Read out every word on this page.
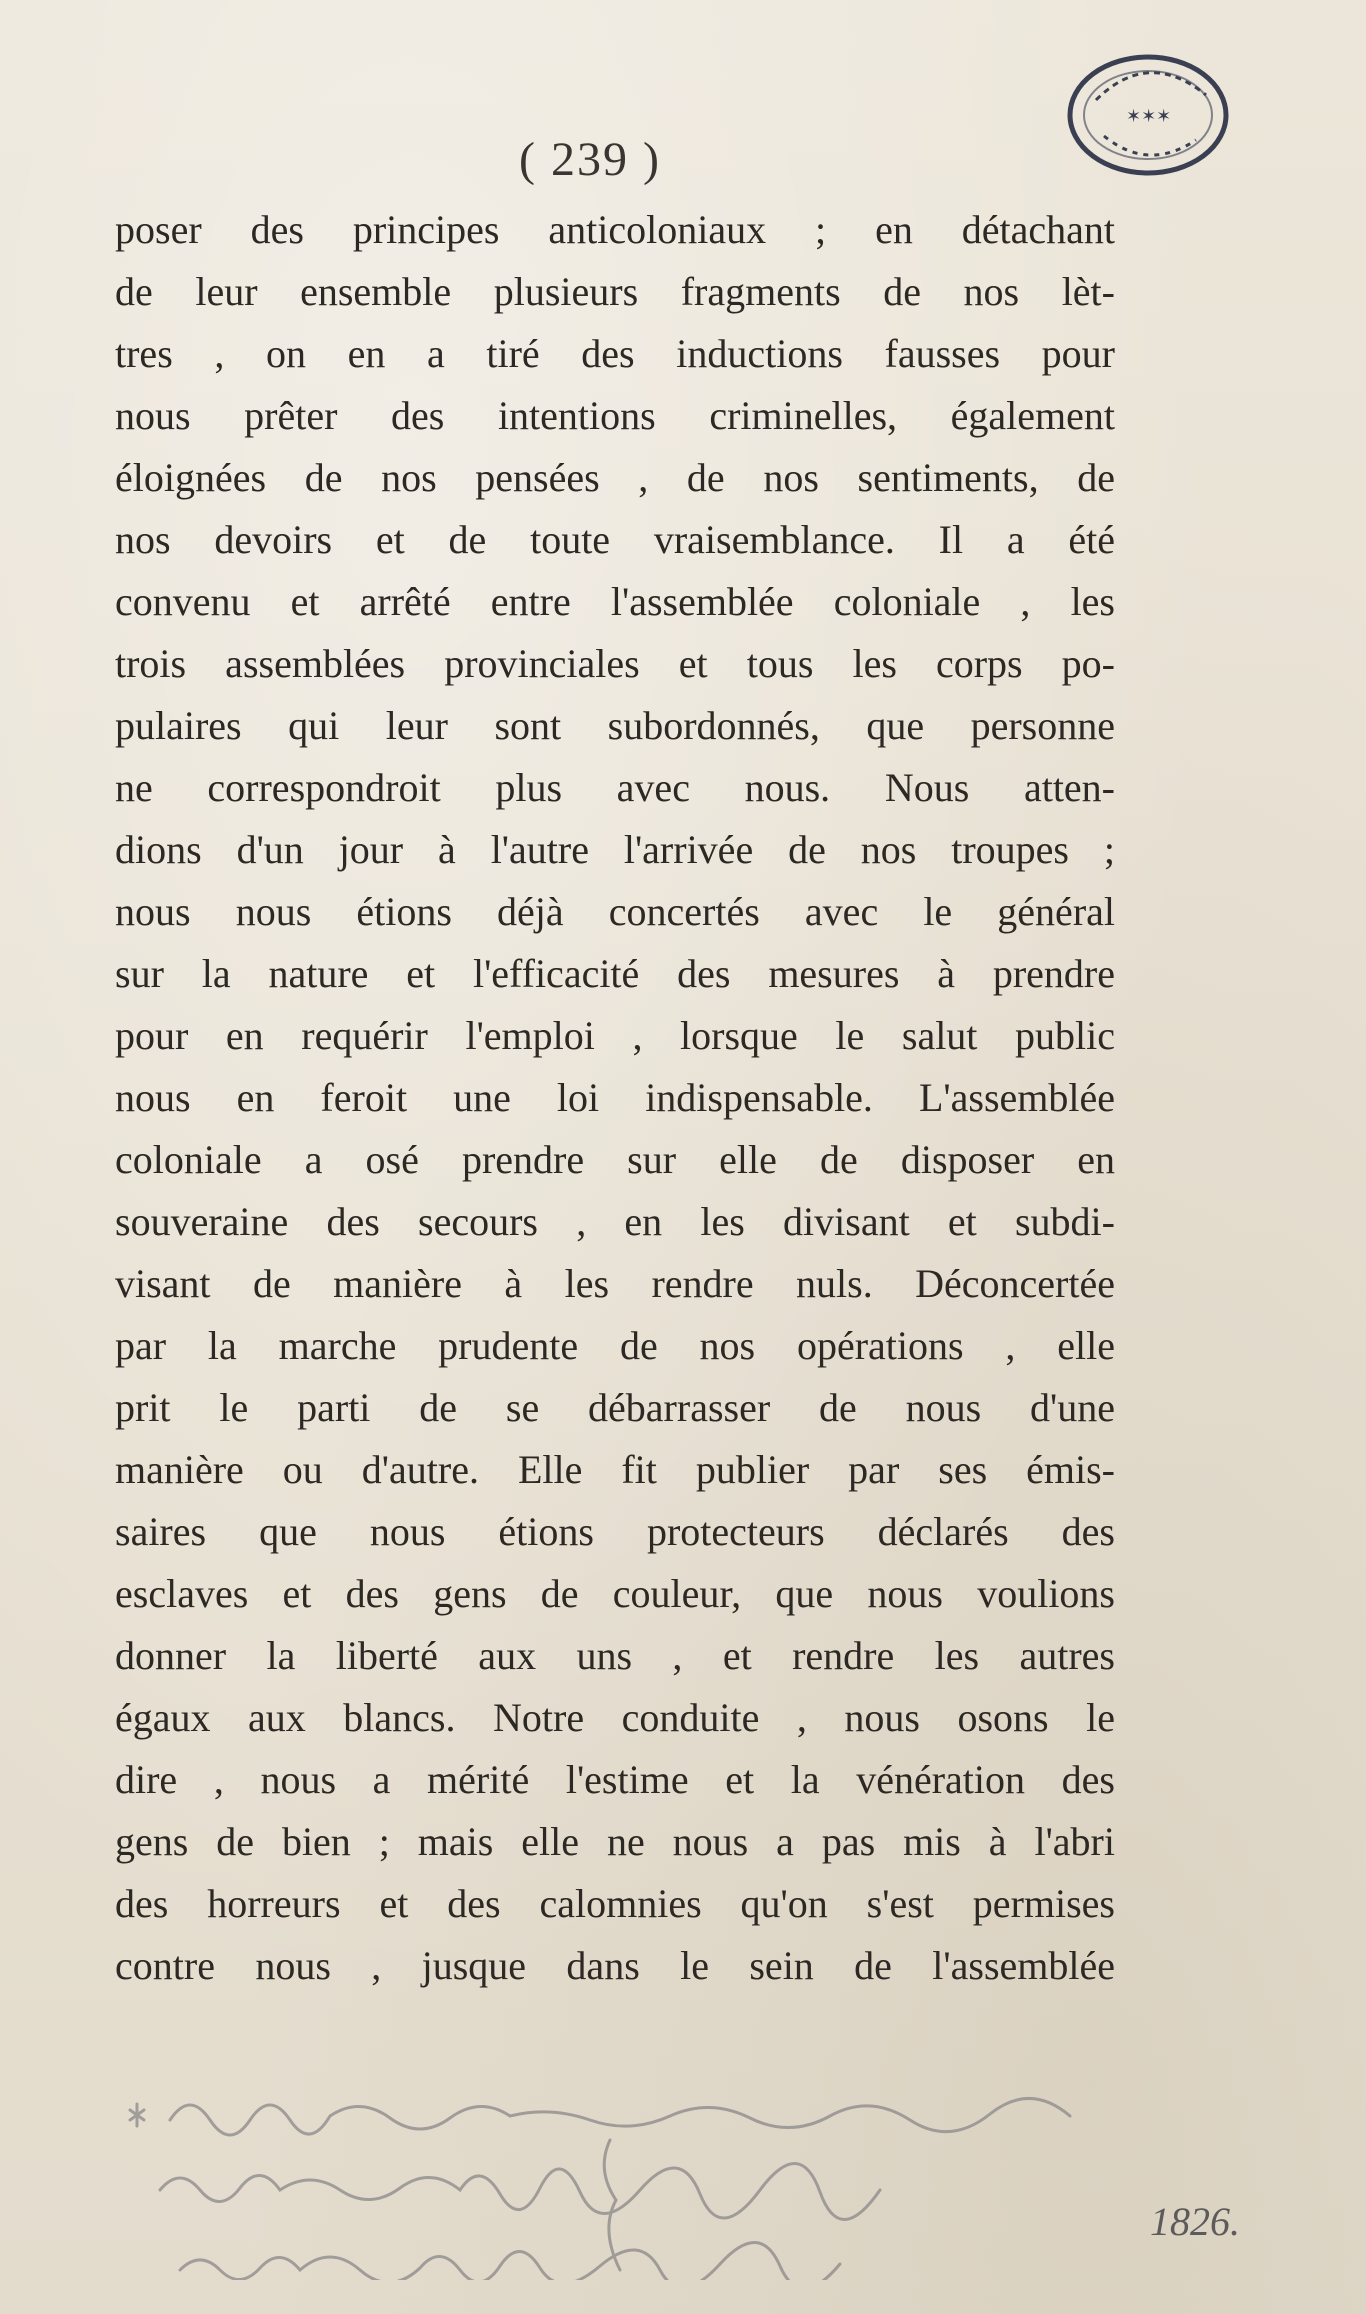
✶✶✶
( 239 )
poser des principes anticoloniaux ; en détachant
de leur ensemble plusieurs fragments de nos lèt-
tres , on en a tiré des inductions fausses pour
nous prêter des intentions criminelles, également
éloignées de nos pensées , de nos sentiments, de
nos devoirs et de toute vraisemblance. Il a été
convenu et arrêté entre l'assemblée coloniale , les
trois assemblées provinciales et tous les corps po-
pulaires qui leur sont subordonnés, que personne
ne correspondroit plus avec nous. Nous atten-
dions d'un jour à l'autre l'arrivée de nos troupes ;
nous nous étions déjà concertés avec le général
sur la nature et l'efficacité des mesures à prendre
pour en requérir l'emploi , lorsque le salut public
nous en feroit une loi indispensable. L'assemblée
coloniale a osé prendre sur elle de disposer en
souveraine des secours , en les divisant et subdi-
visant de manière à les rendre nuls. Déconcertée
par la marche prudente de nos opérations , elle
prit le parti de se débarrasser de nous d'une
manière ou d'autre. Elle fit publier par ses émis-
saires que nous étions protecteurs déclarés des
esclaves et des gens de couleur, que nous voulions
donner la liberté aux uns , et rendre les autres
égaux aux blancs. Notre conduite , nous osons le
dire , nous a mérité l'estime et la vénération des
gens de bien ; mais elle ne nous a pas mis à l'abri
des horreurs et des calomnies qu'on s'est permises
contre nous , jusque dans le sein de l'assemblée
1826.
